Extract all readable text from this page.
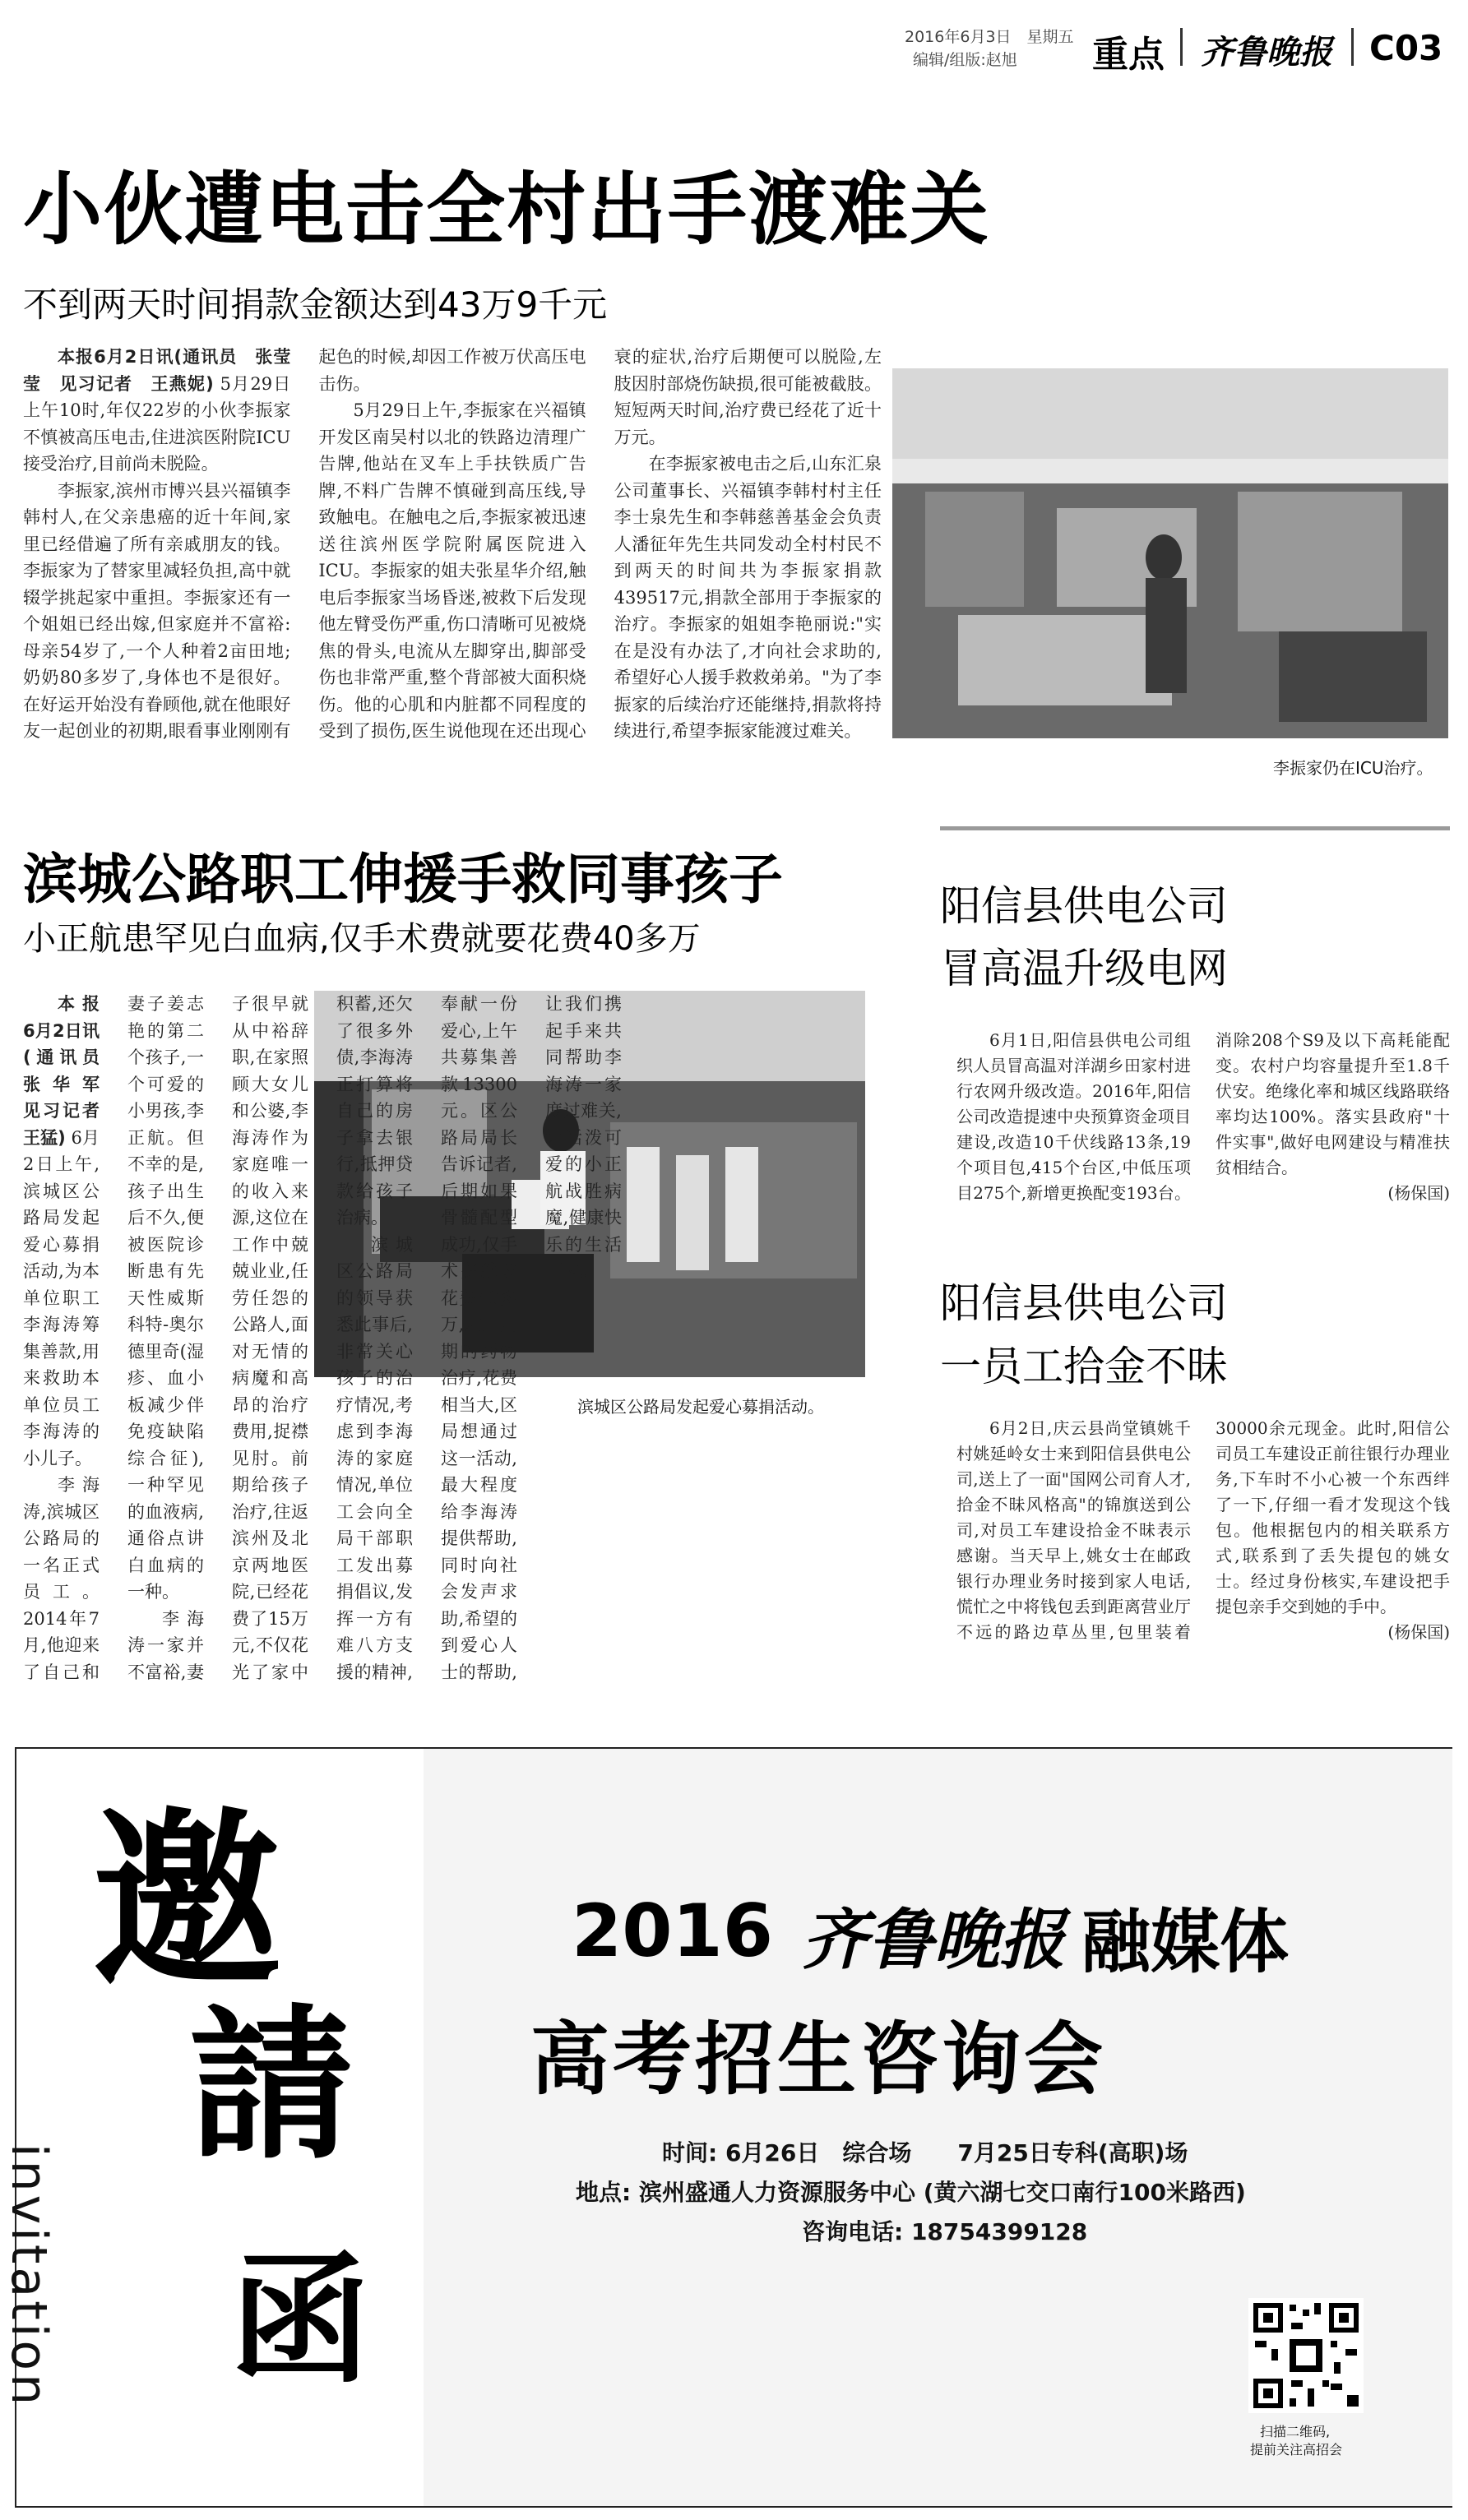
2016年6月3日　星期五
编辑/组版:赵旭 重点 齐鲁晚报 C03
小伙遭电击全村出手渡难关
不到两天时间捐款金额达到43万9千元

本报6月2日讯(通讯员　张莹莹　见习记者　王燕妮) 5月29日上午10时,年仅22岁的小伙李振家不慎被高压电击,住进滨医附院ICU接受治疗,目前尚未脱险。

李振家,滨州市博兴县兴福镇李韩村人,在父亲患癌的近十年间,家里已经借遍了所有亲戚朋友的钱。李振家为了替家里减轻负担,高中就辍学挑起家中重担。李振家还有一个姐姐已经出嫁,但家庭并不富裕:母亲54岁了,一个人种着2亩田地;奶奶80多岁了,身体也不是很好。在好运开始没有眷顾他,就在他眼好友一起创业的初期,眼看事业刚刚有起色的时候,却因工作被万伏高压电击伤。

5月29日上午,李振家在兴福镇开发区南吴村以北的铁路边清理广告牌,他站在叉车上手扶铁质广告牌,不料广告牌不慎碰到高压线,导致触电。在触电之后,李振家被迅速送往滨州医学院附属医院进入ICU。李振家的姐夫张星华介绍,触电后李振家当场昏迷,被救下后发现他左臂受伤严重,伤口清晰可见被烧焦的骨头,电流从左脚穿出,脚部受伤也非常严重,整个背部被大面积烧伤。他的心肌和内脏都不同程度的受到了损伤,医生说他现在还出现心衰的症状,治疗后期便可以脱险,左肢因肘部烧伤缺损,很可能被截肢。短短两天时间,治疗费已经花了近十万元。

在李振家被电击之后,山东汇泉公司董事长、兴福镇李韩村村主任李士泉先生和李韩慈善基金会负责人潘征年先生共同发动全村村民不到两天的时间共为李振家捐款439517元,捐款全部用于李振家的治疗。李振家的姐姐李艳丽说:"实在是没有办法了,才向社会求助的,希望好心人援手救救弟弟。"为了李振家的后续治疗还能继持,捐款将持续进行,希望李振家能渡过难关。

李振家仍在ICU治疗。
滨城公路职工伸援手救同事孩子
小正航患罕见白血病,仅手术费就要花费40多万
滨城区公路局发起爱心募捐活动。

本报6月2日讯(通讯员　张华军　见习记者　王猛) 6月2日上午,滨城区公路局发起爱心募捐活动,为本单位职工李海涛筹集善款,用来救助本单位员工李海涛的小儿子。

李海涛,滨城区公路局的一名正式员工。2014年7月,他迎来了自己和妻子姜志艳的第二个孩子,一个可爱的小男孩,李正航。但不幸的是,孩子出生后不久,便被医院诊断患有先天性威斯科特-奥尔德里奇(湿疹、血小板减少伴免疫缺陷综合征),一种罕见的血液病,通俗点讲白血病的一种。

李海涛一家并不富裕,妻子很早就从中裕辞职,在家照顾大女儿和公婆,李海涛作为家庭唯一的收入来源,这位在工作中兢兢业业,任劳任怨的公路人,面对无情的病魔和高昂的治疗费用,捉襟见肘。前期给孩子治疗,往返滨州及北京两地医院,已经花费了15万元,不仅花光了家中积蓄,还欠了很多外债,李海涛正打算将自己的房子拿去银行,抵押贷款给孩子治病。

滨城区公路局的领导获悉此事后,非常关心孩子的治疗情况,考虑到李海涛的家庭情况,单位工会向全局干部职工发出募捐倡议,发挥一方有难八方支援的精神,奉献一份爱心,上午共募集善款13300元。区公路局局长告诉记者,后期如果骨髓配型成功,仅手术费就要花费40多万,加上后期的药物治疗,花费相当大,区局想通过这一活动,最大程度给李海涛提供帮助,同时向社会发声求助,希望的到爱心人士的帮助,让我们携起手来共同帮助李海涛一家度过难关,让活泼可爱的小正航战胜病魔,健康快乐的生活下去。

阳信县供电公司
冒高温升级电网

6月1日,阳信县供电公司组织人员冒高温对洋湖乡田家村进行农网升级改造。2016年,阳信公司改造提速中央预算资金项目建设,改造10千伏线路13条,19个项目包,415个台区,中低压项目275个,新增更换配变193台。消除208个S9及以下高耗能配变。农村户均容量提升至1.8千伏安。绝缘化率和城区线路联络率均达100%。落实县政府"十件实事",做好电网建设与精准扶贫相结合。

(杨保国)
阳信县供电公司
一员工拾金不昧

6月2日,庆云县尚堂镇姚千村姚延岭女士来到阳信县供电公司,送上了一面"国网公司育人才,拾金不昧风格高"的锦旗送到公司,对员工车建设拾金不昧表示感谢。当天早上,姚女士在邮政银行办理业务时接到家人电话,慌忙之中将钱包丢到距离营业厅不远的路边草丛里,包里装着30000余元现金。此时,阳信公司员工车建设正前往银行办理业务,下车时不小心被一个东西绊了一下,仔细一看才发现这个钱包。他根据包内的相关联系方式,联系到了丢失提包的姚女士。经过身份核实,车建设把手提包亲手交到她的手中。

(杨保国)
邀
請
函
invitation
2016 齐鲁晚报 融媒体
高考招生咨询会
时间: 6月26日　综合场　　7月25日专科(高职)场
地点: 滨州盛通人力资源服务中心 (黄六湖七交口南行100米路西)
咨询电话: 18754399128
扫描二维码,
提前关注高招会
